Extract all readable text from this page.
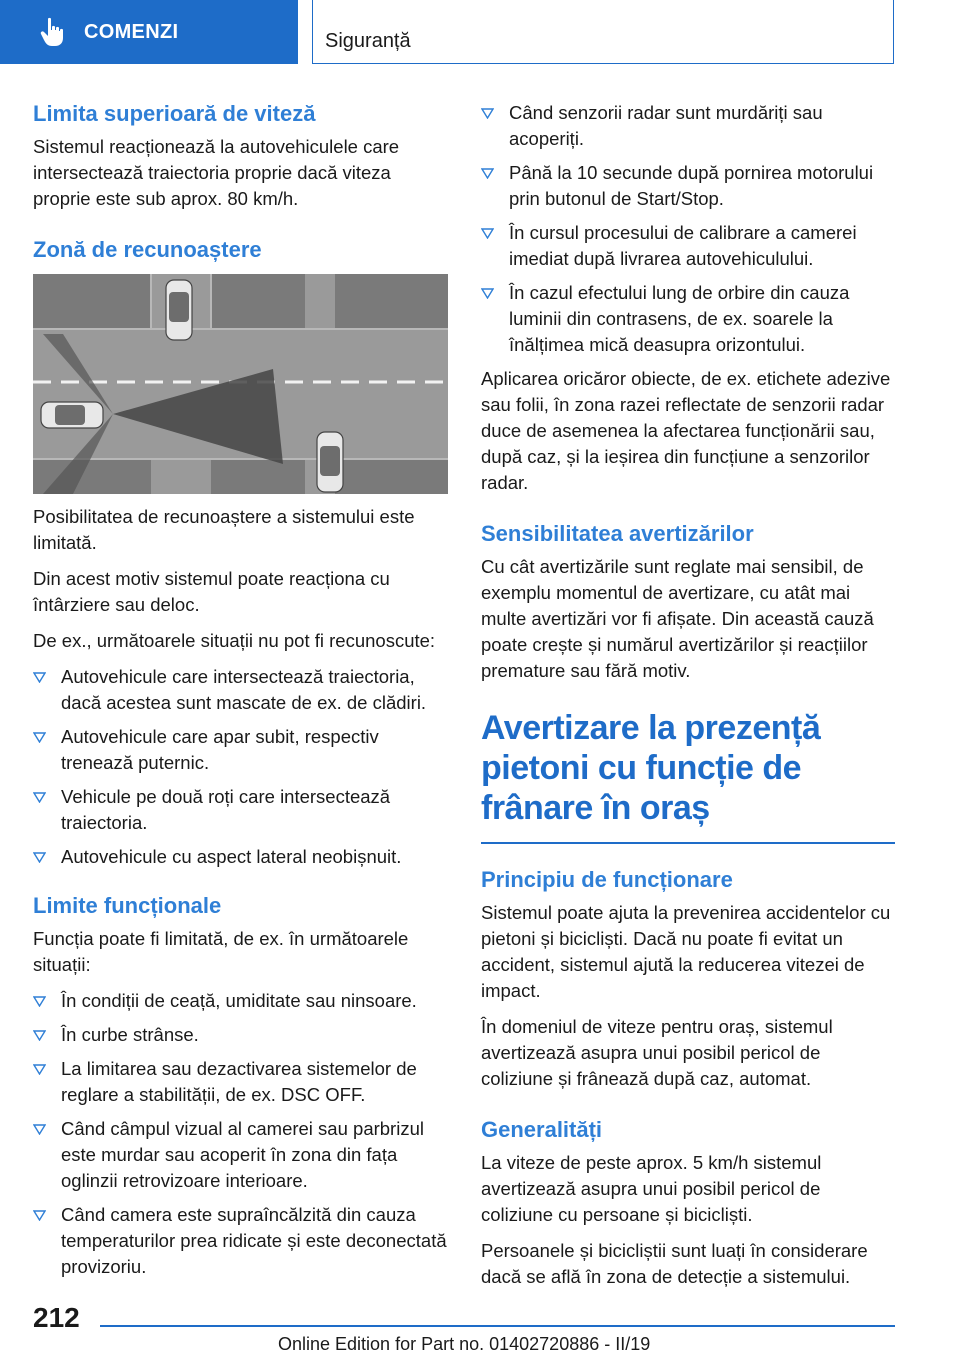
COMENZI	Siguranță
Limita superioară de viteză

Sistemul reacționează la autovehiculele care intersectează traiectoria proprie dacă viteza proprie este sub aprox. 80 km/h.

Zonă de recunoaștere

Posibilitatea de recunoaștere a sistemului este limitată.

Din acest motiv sistemul poate reacționa cu întârziere sau deloc.

De ex., următoarele situații nu pot fi recunoscute:

Autovehicule care intersectează traiectoria, dacă acestea sunt mascate de ex. de clădiri.
Autovehicule care apar subit, respectiv trenează puternic.
Vehicule pe două roți care intersectează traiectoria.
Autovehicule cu aspect lateral neobișnuit.
Limite funcționale

Funcția poate fi limitată, de ex. în următoarele situații:

În condiții de ceață, umiditate sau ninsoare.
În curbe strânse.
La limitarea sau dezactivarea sistemelor de reglare a stabilității, de ex. DSC OFF.
Când câmpul vizual al camerei sau parbrizul este murdar sau acoperit în zona din fața oglinzii retrovizoare interioare.
Când camera este supraîncălzită din cauza temperaturilor prea ridicate și este deconectată provizoriu.
Când senzorii radar sunt murdăriți sau acoperiți.
Până la 10 secunde după pornirea motorului prin butonul de Start/Stop.
În cursul procesului de calibrare a camerei imediat după livrarea autovehiculului.
În cazul efectului lung de orbire din cauza luminii din contrasens, de ex. soarele la înălțimea mică deasupra orizontului.

Aplicarea oricăror obiecte, de ex. etichete adezive sau folii, în zona razei reflectate de senzorii radar duce de asemenea la afectarea funcționării sau, după caz, și la ieșirea din funcțiune a senzorilor radar.

Sensibilitatea avertizărilor

Cu cât avertizările sunt reglate mai sensibil, de exemplu momentul de avertizare, cu atât mai multe avertizări vor fi afișate. Din această cauză poate crește și numărul avertizărilor și reacțiilor premature sau fără motiv.

Avertizare la prezență pietoni cu funcție de frânare în oraș
Principiu de funcționare

Sistemul poate ajuta la prevenirea accidentelor cu pietoni și bicicliști. Dacă nu poate fi evitat un accident, sistemul ajută la reducerea vitezei de impact.

În domeniul de viteze pentru oraș, sistemul avertizează asupra unui posibil pericol de coliziune și frânează după caz, automat.

Generalități

La viteze de peste aprox. 5 km/h sistemul avertizează asupra unui posibil pericol de coliziune cu persoane și bicicliști.

Persoanele și bicicliștii sunt luați în considerare dacă se află în zona de detecție a sistemului.

212
Online Edition for Part no. 01402720886 - II/19
